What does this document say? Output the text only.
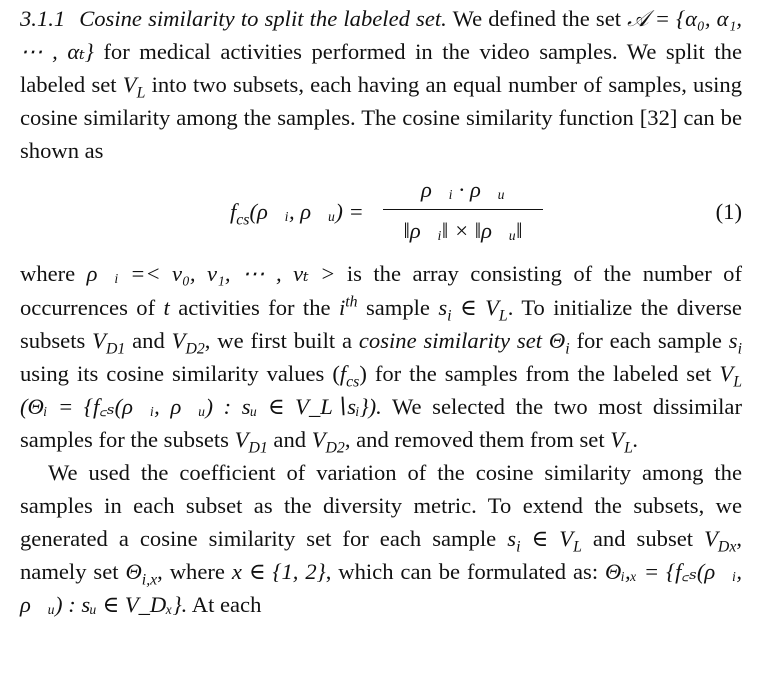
3.1.1 Cosine similarity to split the labeled set. We defined the set 𝒜 = {α₀, α₁, ⋯ , αₜ} for medical activities performed in the video samples. We split the labeled set $V_L$ into two subsets, each having an equal number of samples, using cosine similarity among the samples. The cosine similarity function [32] can be shown as

$f_{cs}(\rho⃗ᵢ$, ρ⃗ᵤ) =
ρ⃗ᵢ · ρ⃗ᵤ
‖ρ⃗ᵢ‖ × ‖ρ⃗ᵤ‖
(1)

where ρ⃗ᵢ =< ν₀, ν₁, ⋯ , νₜ > is the array consisting of the number of occurrences of t activities for the $i^{th}$ sample $s_i$ ∈ $V_L$. To initialize the diverse subsets $V_{D1}$ and $V_{D2}$, we first built a cosine similarity set $\Theta_i$ for each sample $s_i$ using its cosine similarity values $(f_{cs})$ for the samples from the labeled set $V_L$ (Θᵢ = {f꜀ₛ(ρ⃗ᵢ, ρ⃗ᵤ) : sᵤ ∈ V_L∖sᵢ}). We selected the two most dissimilar samples for the subsets $V_{D1}$ and $V_{D2}$, and removed them from set $V_L$.

We used the coefficient of variation of the cosine similarity among the samples in each subset as the diversity metric. To extend the subsets, we generated a cosine similarity set for each sample $s_i$ ∈ $V_L$ and subset $V_{Dx}$, namely set $\Theta_{i,x}$, where x ∈ {1, 2}, which can be formulated as: Θᵢ,ₓ = {f꜀ₛ(ρ⃗ᵢ, ρ⃗ᵤ) : sᵤ ∈ V_Dₓ}. At each
